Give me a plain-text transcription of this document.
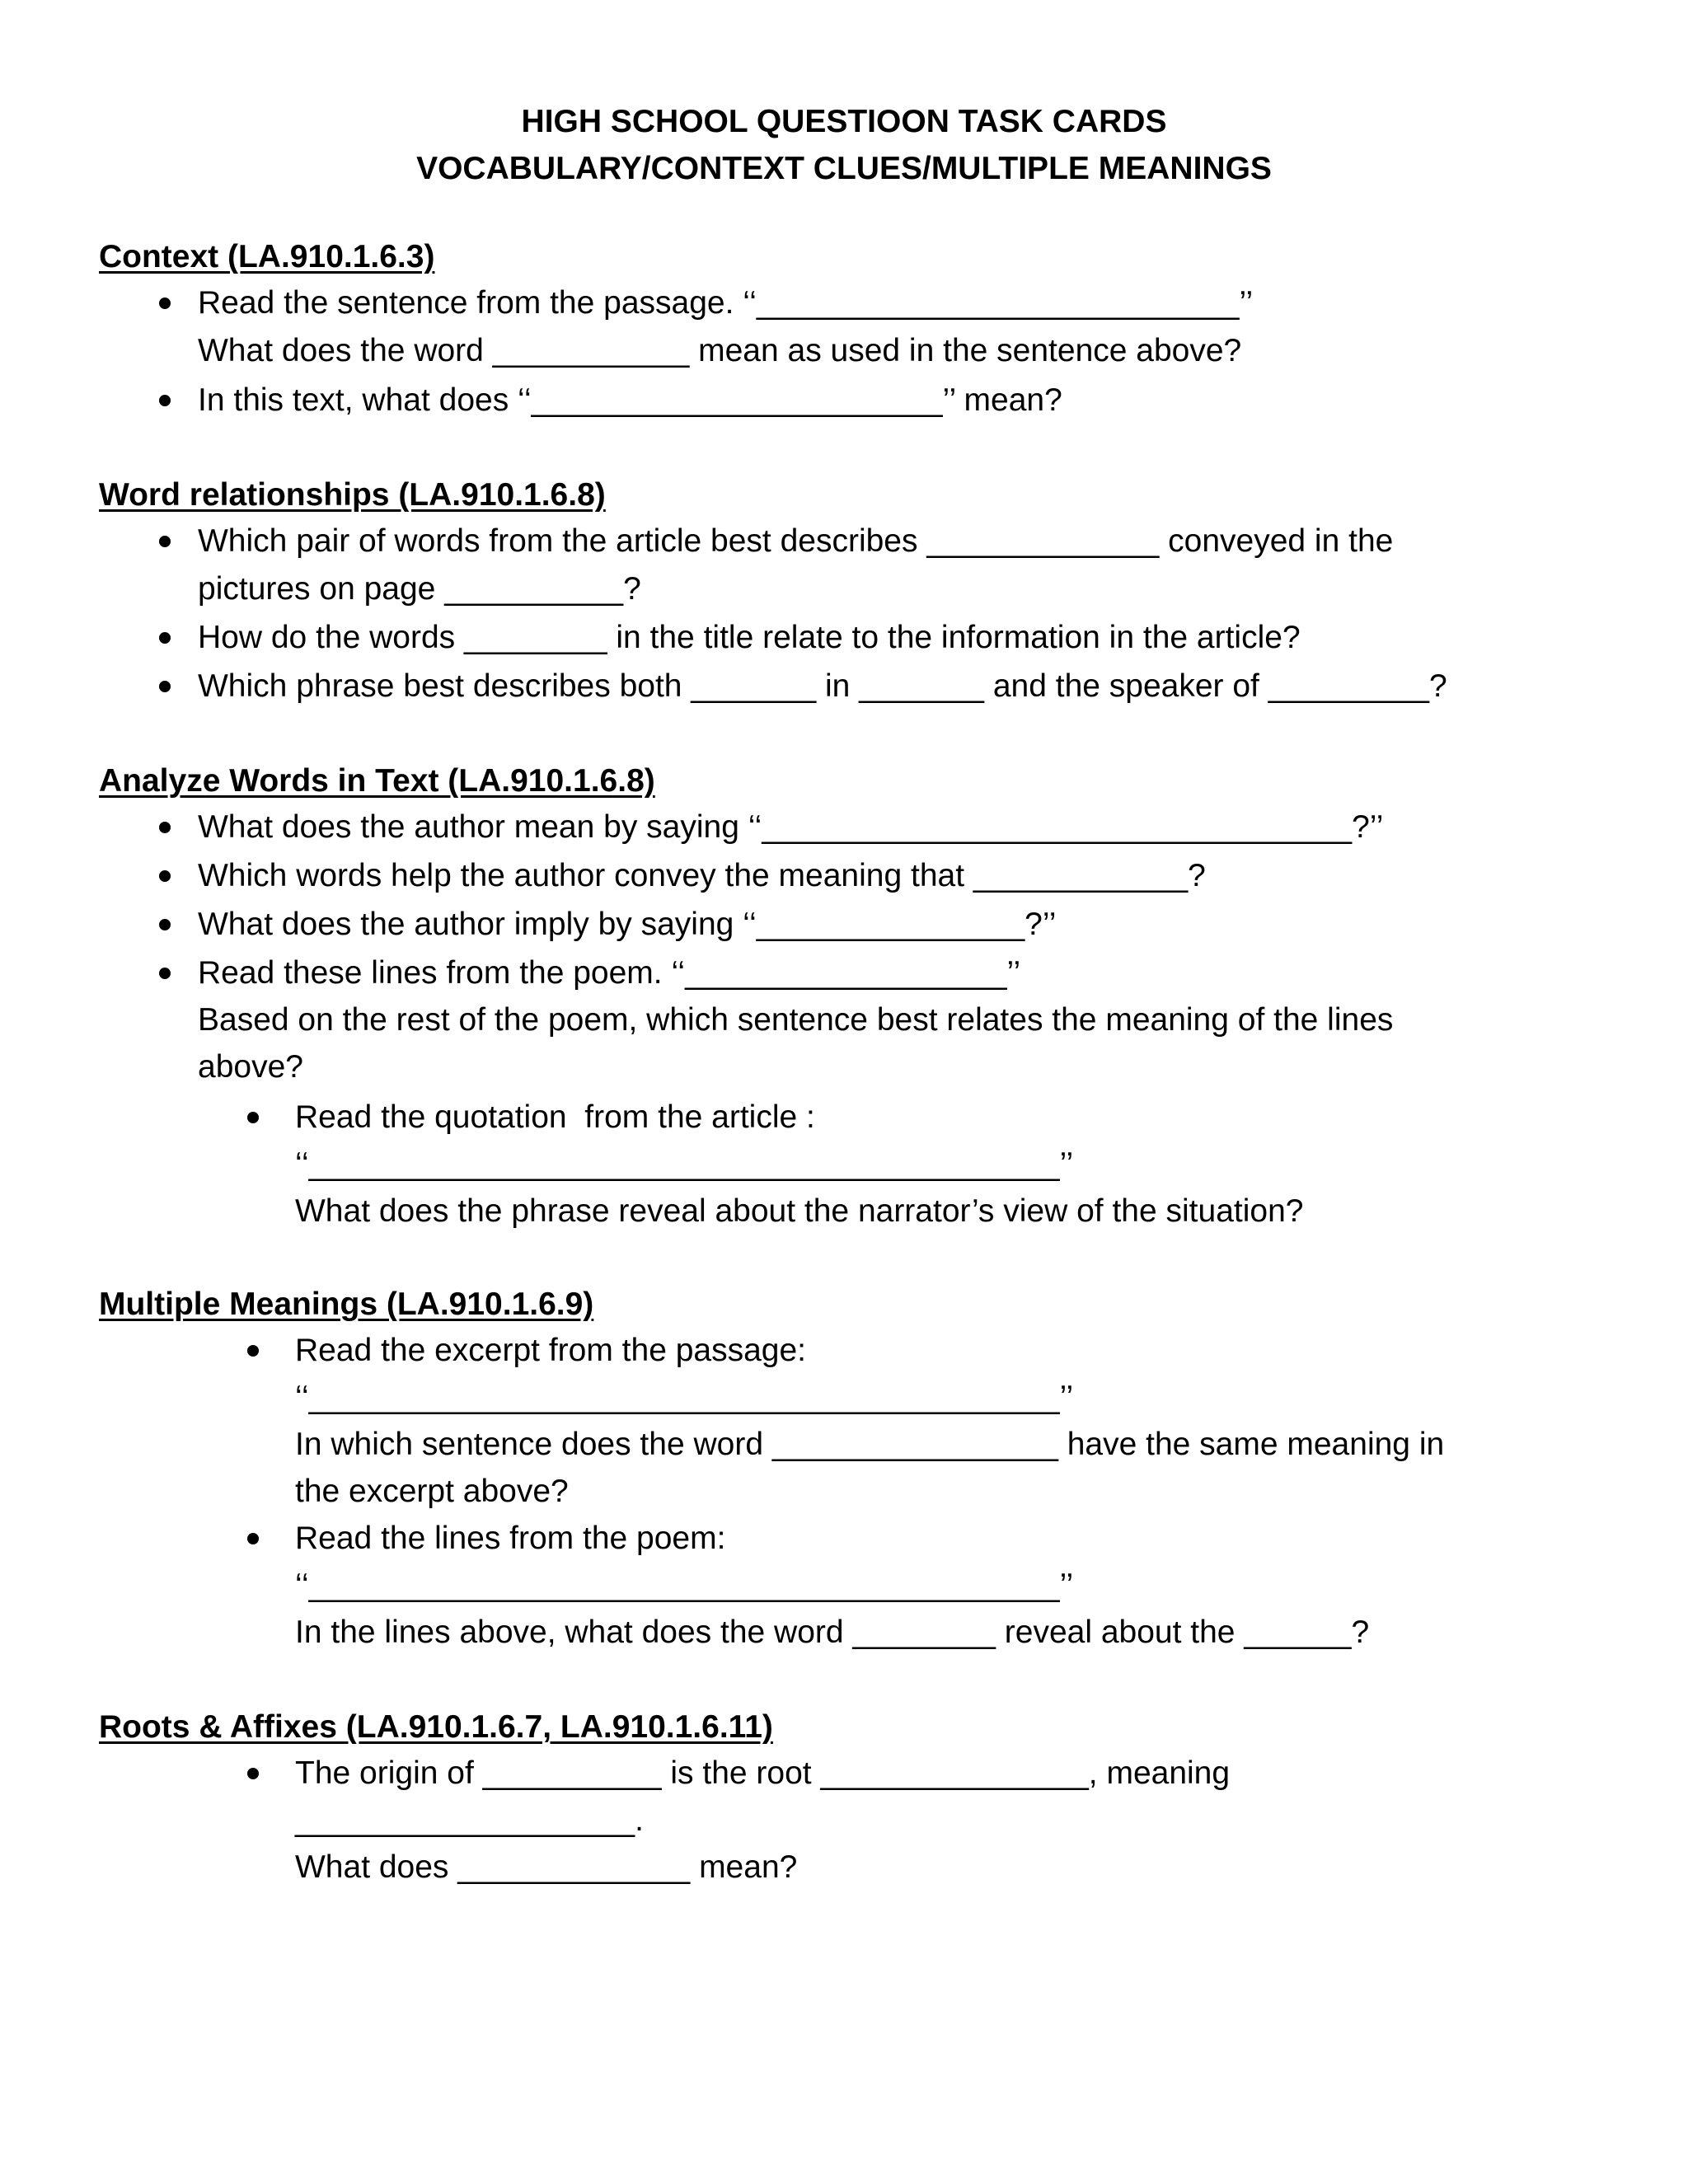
HIGH SCHOOL QUESTIOON TASK CARDS
VOCABULARY/CONTEXT CLUES/MULTIPLE MEANINGS
Context (LA.910.1.6.3)
Read the sentence from the passage. ‘‘___________________________’’
What does the word ___________ mean as used in the sentence above?
In this text, what does ‘‘_______________________’’ mean?
Word relationships (LA.910.1.6.8)
Which pair of words from the article best describes _____________ conveyed in the
pictures on page __________?
How do the words ________ in the title relate to the information in the article?
Which phrase best describes both _______ in _______ and the speaker of _________?
Analyze Words in Text (LA.910.1.6.8)
What does the author mean by saying ‘‘_________________________________?’’
Which words help the author convey the meaning that ____________?
What does the author imply by saying ‘‘_______________?’’
Read these lines from the poem. ‘‘__________________’’
Based on the rest of the poem, which sentence best relates the meaning of the lines
above?
Read the quotation  from the article :
‘‘__________________________________________’’
What does the phrase reveal about the narrator’s view of the situation?
Multiple Meanings (LA.910.1.6.9)
Read the excerpt from the passage:
‘‘__________________________________________’’
In which sentence does the word ________________ have the same meaning in
the excerpt above?
Read the lines from the poem:
‘‘__________________________________________’’
In the lines above, what does the word ________ reveal about the ______?
Roots & Affixes (LA.910.1.6.7, LA.910.1.6.11)
The origin of __________ is the root _______________, meaning
___________________.
What does _____________ mean?
